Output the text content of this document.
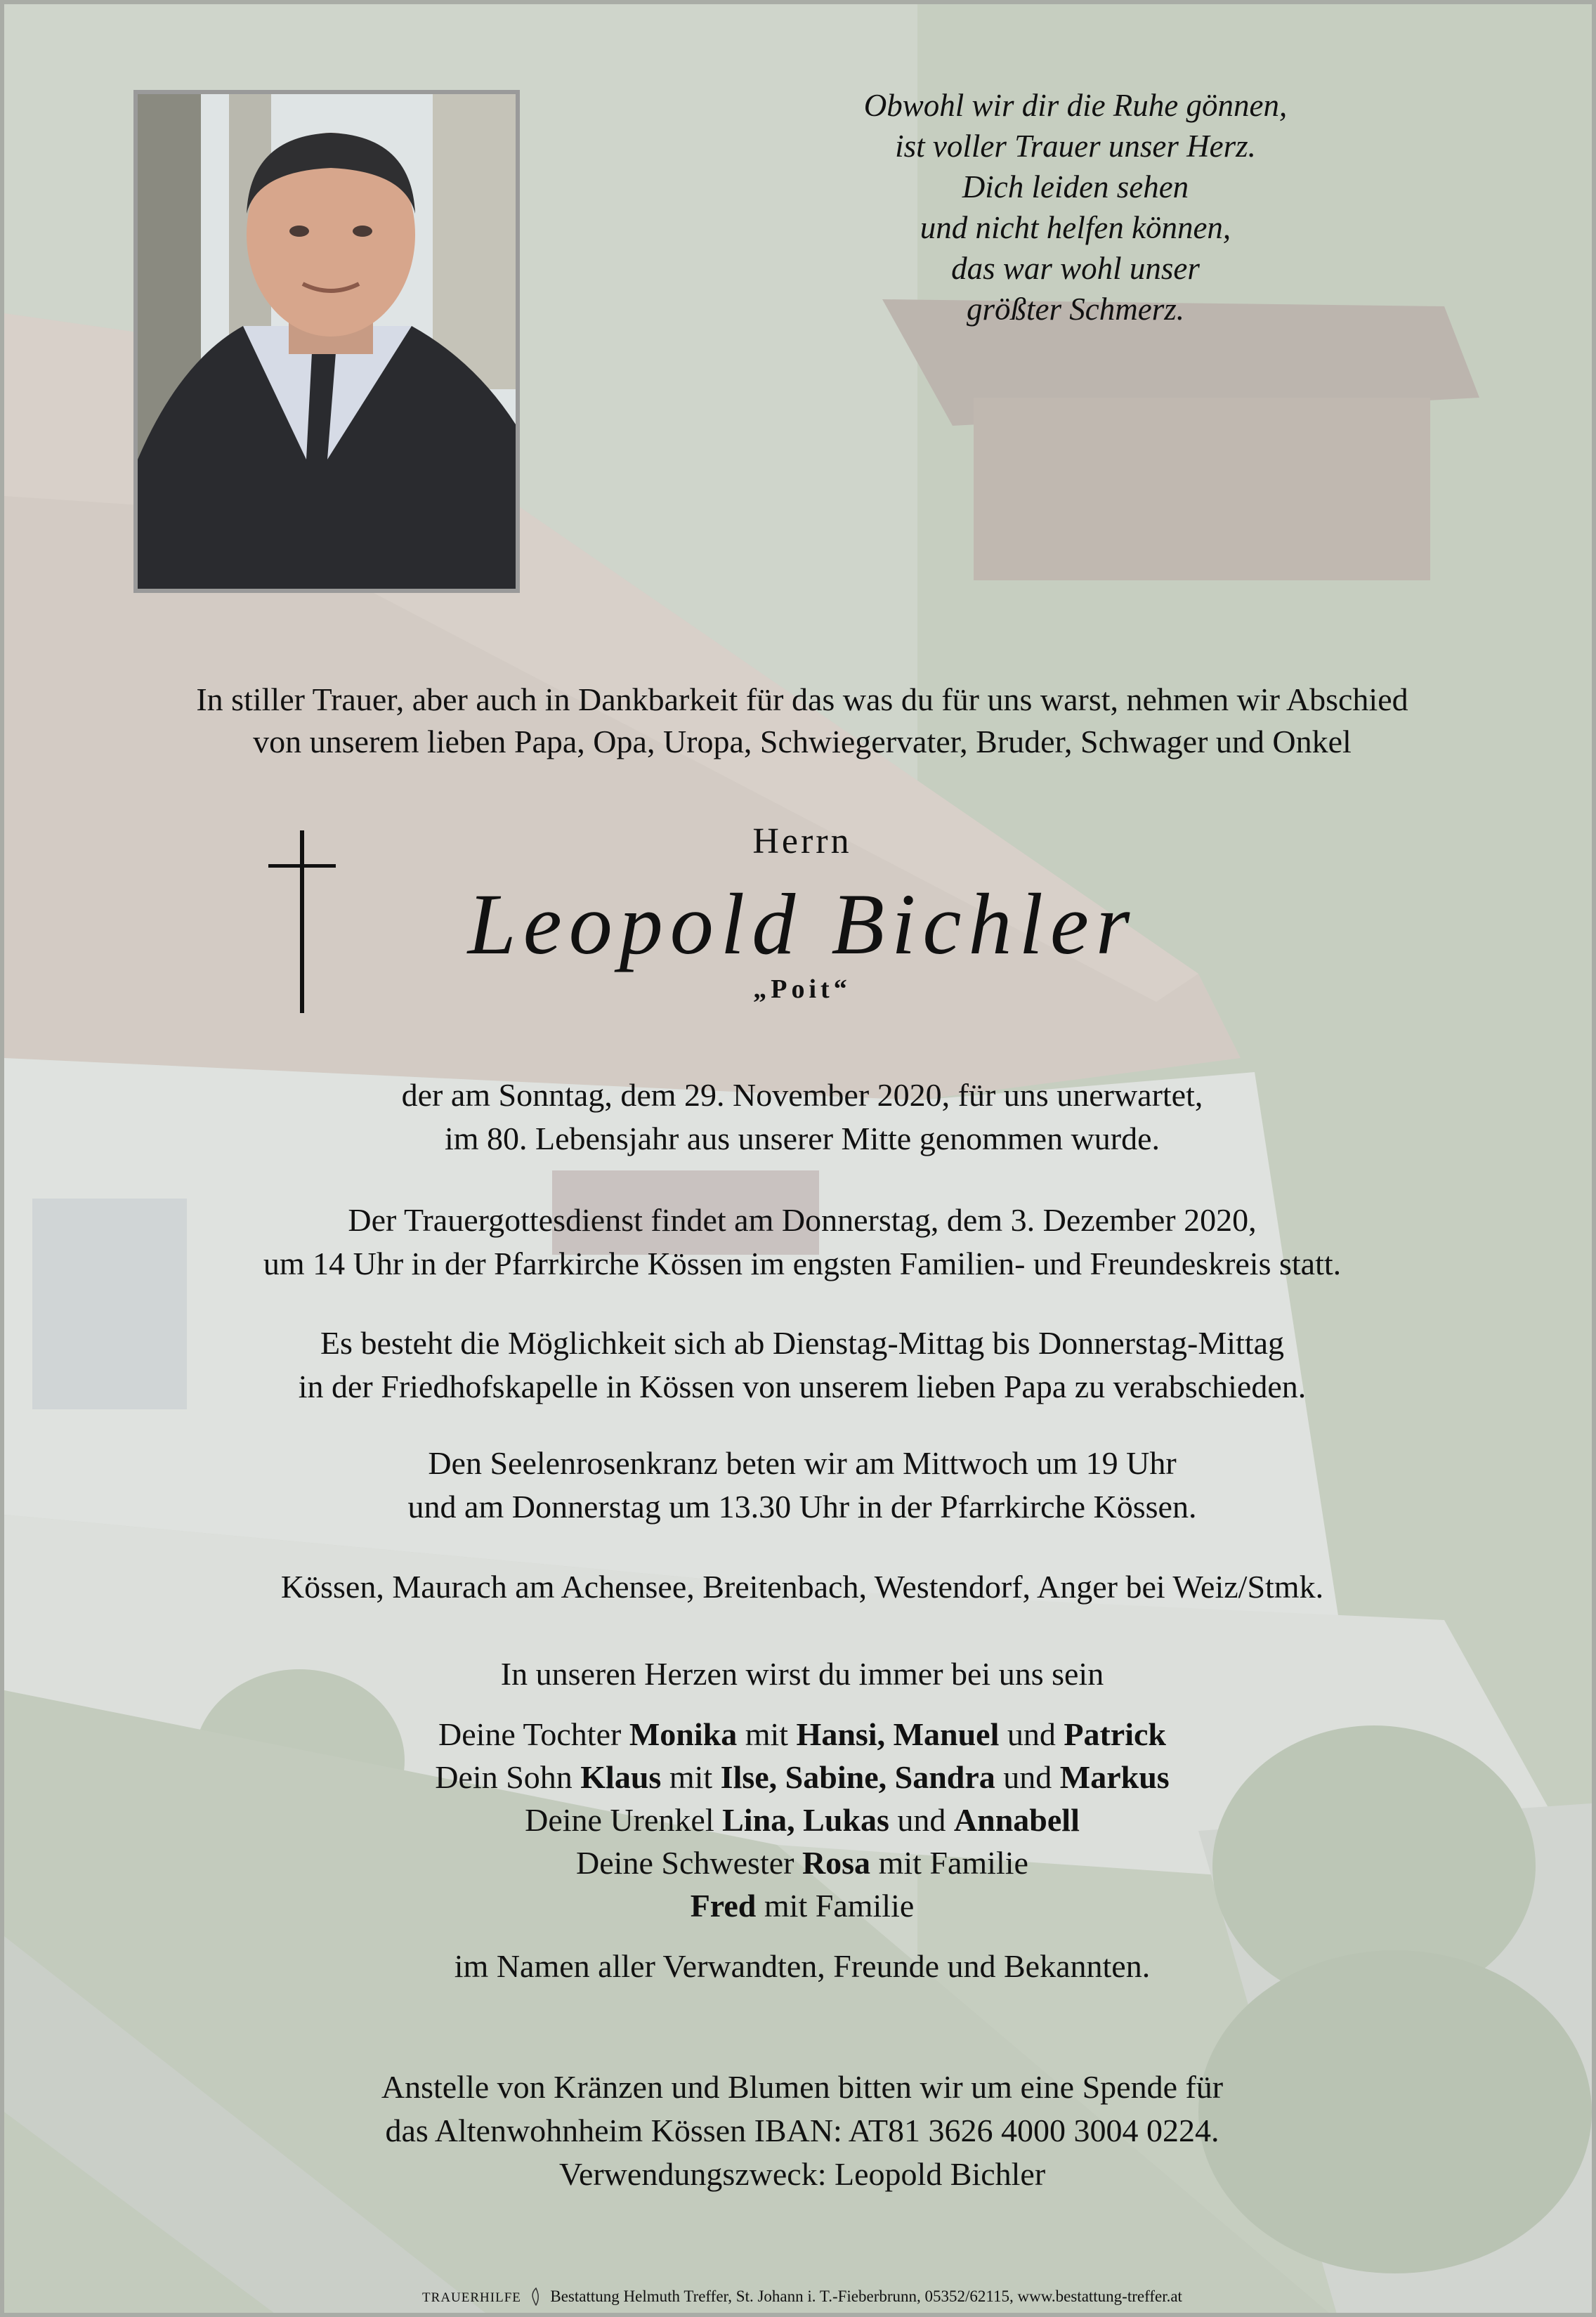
Obwohl wir dir die Ruhe gönnen,
ist voller Trauer unser Herz.
Dich leiden sehen
und nicht helfen können,
das war wohl unser
größter Schmerz.
In stiller Trauer, aber auch in Dankbarkeit für das was du für uns warst, nehmen wir Abschied
von unserem lieben Papa, Opa, Uropa, Schwiegervater, Bruder, Schwager und Onkel
Herrn
Leopold Bichler
„Poit“
der am Sonntag, dem 29. November 2020, für uns unerwartet,
im 80. Lebensjahr aus unserer Mitte genommen wurde.
Der Trauergottesdienst findet am Donnerstag, dem 3. Dezember 2020,
um 14 Uhr in der Pfarrkirche Kössen im engsten Familien- und Freundeskreis statt.
Es besteht die Möglichkeit sich ab Dienstag-Mittag bis Donnerstag-Mittag
in der Friedhofskapelle in Kössen von unserem lieben Papa zu verabschieden.
Den Seelenrosenkranz beten wir am Mittwoch um 19 Uhr
und am Donnerstag um 13.30 Uhr in der Pfarrkirche Kössen.
Kössen, Maurach am Achensee, Breitenbach, Westendorf, Anger bei Weiz/Stmk.
In unseren Herzen wirst du immer bei uns sein
Deine Tochter Monika mit Hansi, Manuel und Patrick
Dein Sohn Klaus mit Ilse, Sabine, Sandra und Markus
Deine Urenkel Lina, Lukas und Annabell
Deine Schwester Rosa mit Familie
Fred mit Familie
im Namen aller Verwandten, Freunde und Bekannten.
Anstelle von Kränzen und Blumen bitten wir um eine Spende für
das Altenwohnheim Kössen IBAN: AT81 3626 4000 3004 0224.
Verwendungszweck: Leopold Bichler
TRAUERHILFE Bestattung Helmuth Treffer, St. Johann i. T.-Fieberbrunn, 05352/62115, www.bestattung-treffer.at
